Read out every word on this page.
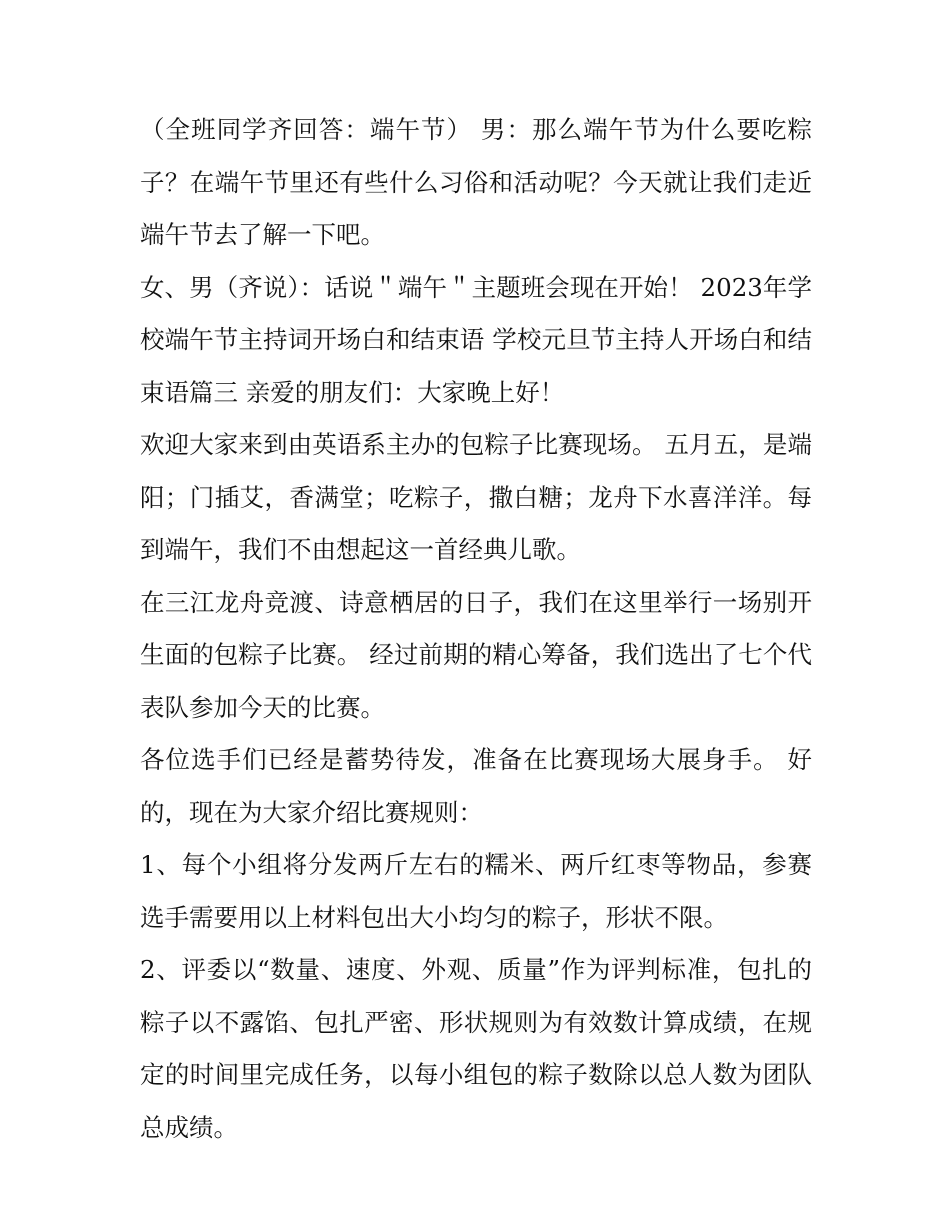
（全班同学齐回答：端午节） 男：那么端午节为什么要吃粽子？在端午节里还有些什么习俗和活动呢？今天就让我们走近端午节去了解一下吧。

女、男（齐说）：话说＂端午＂主题班会现在开始！ 2023年学校端午节主持词开场白和结束语 学校元旦节主持人开场白和结束语篇三 亲爱的朋友们：大家晚上好！

欢迎大家来到由英语系主办的包粽子比赛现场。 五月五，是端阳；门插艾，香满堂；吃粽子，撒白糖；龙舟下水喜洋洋。每到端午，我们不由想起这一首经典儿歌。

在三江龙舟竞渡、诗意栖居的日子，我们在这里举行一场别开生面的包粽子比赛。 经过前期的精心筹备，我们选出了七个代表队参加今天的比赛。

各位选手们已经是蓄势待发，准备在比赛现场大展身手。 好的，现在为大家介绍比赛规则：

1、每个小组将分发两斤左右的糯米、两斤红枣等物品，参赛选手需要用以上材料包出大小均匀的粽子，形状不限。

2、评委以“数量、速度、外观、质量”作为评判标准，包扎的粽子以不露馅、包扎严密、形状规则为有效数计算成绩，在规定的时间里完成任务，以每小组包的粽子数除以总人数为团队总成绩。
